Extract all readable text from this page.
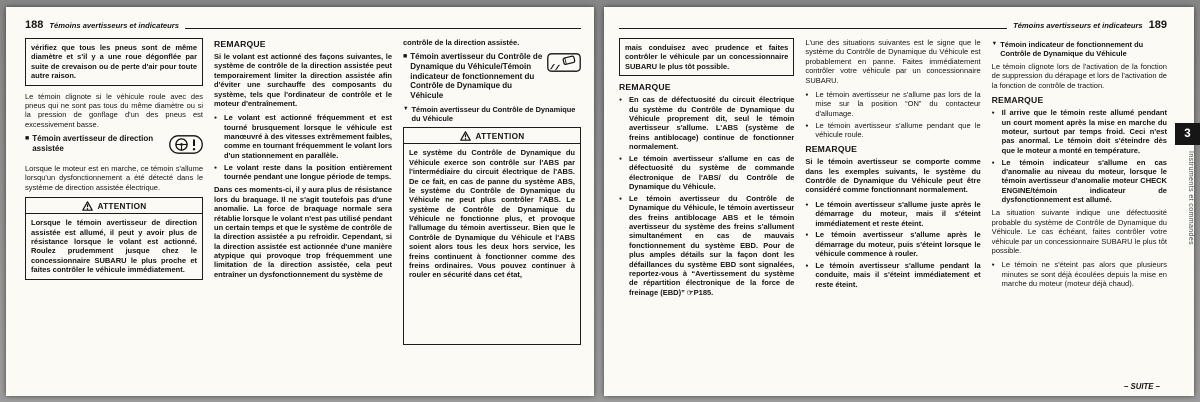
188 Témoins avertisseurs et indicateurs
vérifiez que tous les pneus sont de même diamètre et s'il y a une roue dégonflée par suite de crevaison ou de perte d'air pour toute autre raison.

Le témoin clignote si le véhicule roule avec des pneus qui ne sont pas tous du même diamètre ou si la pression de gonflage d'un des pneus est excessivement basse.

■ Témoin avertisseur de direction assistée

Lorsque le moteur est en marche, ce témoin s'allume lorsqu'un dysfonctionnement a été détecté dans le système de direction assistée électrique.

ATTENTION
Lorsque le témoin avertisseur de direction assistée est allumé, il peut y avoir plus de résistance lorsque le volant est actionné. Roulez prudemment jusque chez le concessionnaire SUBARU le plus proche et faites contrôler le véhicule immédiatement.
REMARQUE

Si le volant est actionné des façons suivantes, le système de contrôle de la direction assistée peut temporairement limiter la direction assistée afin d'éviter une surchauffe des composants du système, tels que l'ordinateur de contrôle et le moteur d'entraînement.

● Le volant est actionné fréquemment et est tourné brusquement lorsque le véhicule est manœuvré à des vitesses extrêmement faibles, comme en tournant fréquemment le volant lors d'un stationnement en parallèle.
● Le volant reste dans la position entièrement tournée pendant une longue période de temps.

Dans ces moments-ci, il y aura plus de résistance lors du braquage. Il ne s'agit toutefois pas d'une anomalie. La force de braquage normale sera rétablie lorsque le volant n'est pas utilisé pendant un certain temps et que le système de contrôle de la direction assistée a pu refroidir. Cependant, si la direction assistée est actionnée d'une manière atypique qui provoque trop fréquemment une limitation de la direction assistée, cela peut entraîner un dysfonctionnement du système de

contrôle de la direction assistée.

■ Témoin avertisseur du Contrôle de Dynamique du Véhicule/Témoin indicateur de fonctionnement du Contrôle de Dynamique du Véhicule
▼ Témoin avertisseur du Contrôle de Dynamique du Véhicule
ATTENTION
Le système du Contrôle de Dynamique du Véhicule exerce son contrôle sur l'ABS par l'intermédiaire du circuit électrique de l'ABS. De ce fait, en cas de panne du système ABS, le système du Contrôle de Dynamique du Véhicule ne peut plus contrôler l'ABS. Le système de Contrôle de Dynamique du Véhicule ne fonctionne plus, et provoque l'allumage du témoin avertisseur. Bien que le Contrôle de Dynamique du Véhicule et l'ABS soient alors tous les deux hors service, les freins continuent à fonctionner comme des freins ordinaires. Vous pouvez continuer à rouler en sécurité dans cet état,
Témoins avertisseurs et indicateurs 189
mais conduisez avec prudence et faites contrôler le véhicule par un concessionnaire SUBARU le plus tôt possible.
REMARQUE
● En cas de défectuosité du circuit électrique du système du Contrôle de Dynamique du Véhicule proprement dit, seul le témoin avertisseur s'allume. L'ABS (système de freins antiblocage) continue de fonctionner normalement.
● Le témoin avertisseur s'allume en cas de défectuosité du système de commande électronique de l'ABS/ du Contrôle de Dynamique du Véhicule.
● Le témoin avertisseur du Contrôle de Dynamique du Véhicule, le témoin avertisseur des freins antiblocage ABS et le témoin avertisseur du système des freins s'allument simultanément en cas de mauvais fonctionnement du système EBD. Pour de plus amples détails sur la façon dont les défaillances du système EBD sont signalées, reportez-vous à “Avertissement du système de répartition électronique de la force de freinage (EBD)” ☞P185.

L'une des situations suivantes est le signe que le système du Contrôle de Dynamique du Véhicule est probablement en panne. Faites immédiatement contrôler votre véhicule par un concessionnaire SUBARU.

● Le témoin avertisseur ne s'allume pas lors de la mise sur la position “ON” du contacteur d'allumage.
● Le témoin avertisseur s'allume pendant que le véhicule roule.
REMARQUE

Si le témoin avertisseur se comporte comme dans les exemples suivants, le système du Contrôle de Dynamique du Véhicule peut être considéré comme fonctionnant normalement.

● Le témoin avertisseur s'allume juste après le démarrage du moteur, mais il s'éteint immédiatement et reste éteint.
● Le témoin avertisseur s'allume après le démarrage du moteur, puis s'éteint lorsque le véhicule commence à rouler.
● Le témoin avertisseur s'allume pendant la conduite, mais il s'éteint immédiatement et reste éteint.
▼ Témoin indicateur de fonctionnement du Contrôle de Dynamique du Véhicule

Le témoin clignote lors de l'activation de la fonction de suppression du dérapage et lors de l'activation de la fonction de contrôle de traction.

REMARQUE
● Il arrive que le témoin reste allumé pendant un court moment après la mise en marche du moteur, surtout par temps froid. Ceci n'est pas anormal. Le témoin doit s'éteindre dès que le moteur a monté en température.
● Le témoin indicateur s'allume en cas d'anomalie au niveau du moteur, lorsque le témoin avertisseur d'anomalie moteur CHECK ENGINE/témoin indicateur de dysfonctionnement est allumé.

La situation suivante indique une défectuosité probable du système de Contrôle de Dynamique du Véhicule. Le cas échéant, faites contrôler votre véhicule par un concessionnaire SUBARU le plus tôt possible.

● Le témoin ne s'éteint pas alors que plusieurs minutes se sont déjà écoulées depuis la mise en marche du moteur (moteur déjà chaud).
– SUITE –
3
Instruments et commandes
